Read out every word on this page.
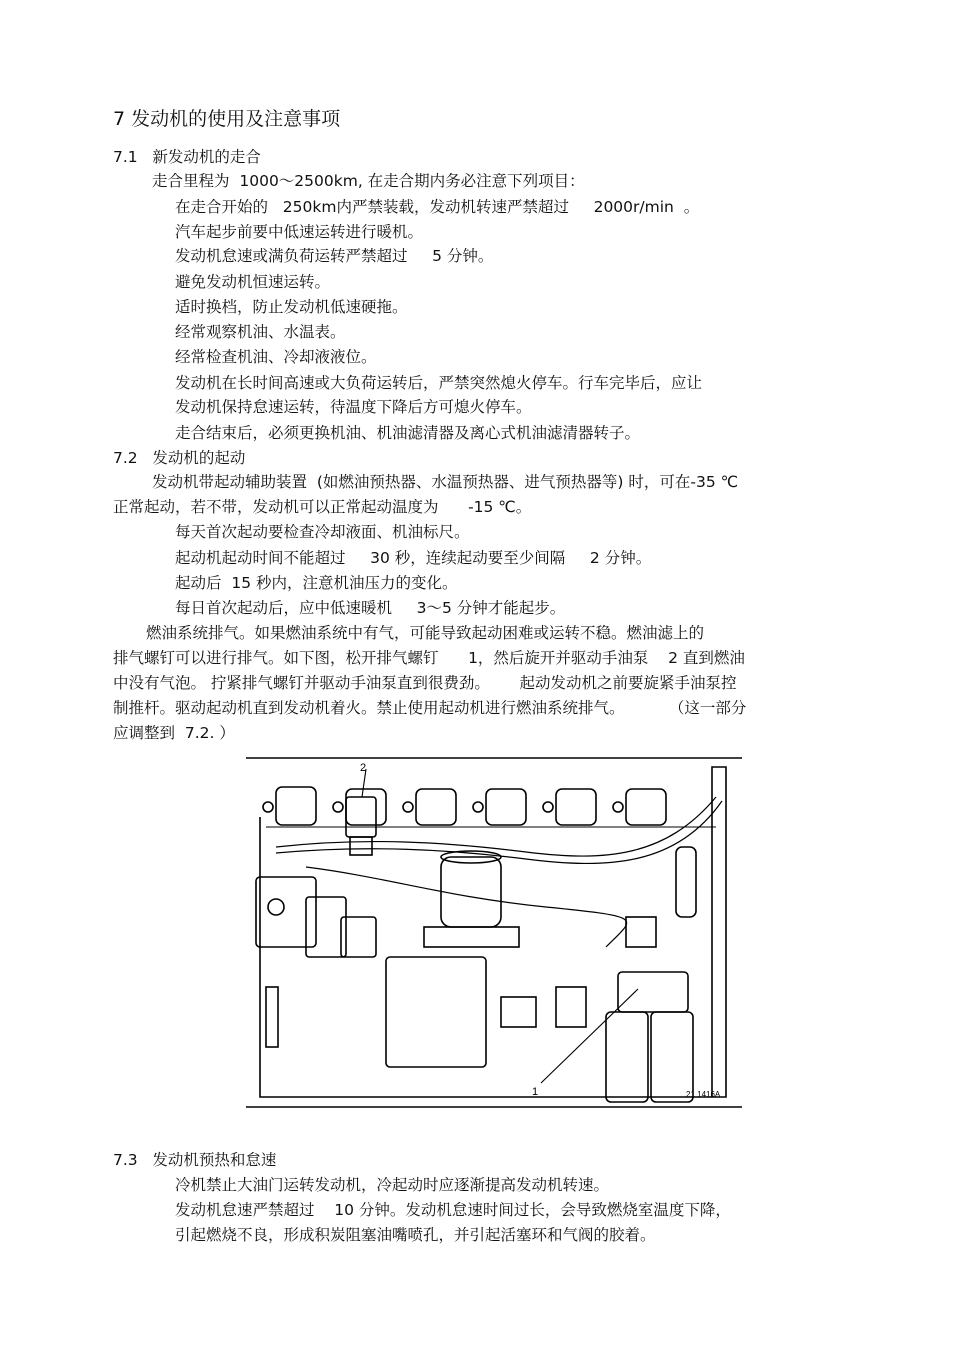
7 发动机的使用及注意事项
7.1   新发动机的走合
走合里程为  1000～2500km, 在走合期内务必注意下列项目：
在走合开始的   250km内严禁装载，发动机转速严禁超过     2000r/min  。
汽车起步前要中低速运转进行暖机。
发动机怠速或满负荷运转严禁超过     5 分钟。
避免发动机恒速运转。
适时换档，防止发动机低速硬拖。
经常观察机油、水温表。
经常检查机油、冷却液液位。
发动机在长时间高速或大负荷运转后，严禁突然熄火停车。行车完毕后，应让
发动机保持怠速运转，待温度下降后方可熄火停车。
走合结束后，必须更换机油、机油滤清器及离心式机油滤清器转子。
7.2   发动机的起动
发动机带起动辅助装置  (如燃油预热器、水温预热器、进气预热器等) 时，可在-35 ℃
正常起动，若不带，发动机可以正常起动温度为      -15 ℃。
每天首次起动要检查冷却液面、机油标尺。
起动机起动时间不能超过     30 秒，连续起动要至少间隔     2 分钟。
起动后  15 秒内，注意机油压力的变化。
每日首次起动后，应中低速暖机     3～5 分钟才能起步。
燃油系统排气。如果燃油系统中有气，可能导致起动困难或运转不稳。燃油滤上的
排气螺钉可以进行排气。如下图，松开排气螺钉      1，然后旋开并驱动手油泵    2 直到燃油
中没有气泡。 拧紧排气螺钉并驱动手油泵直到很费劲。      起动发动机之前要旋紧手油泵控
制推杆。驱动起动机直到发动机着火。禁止使用起动机进行燃油系统排气。         （这一部分
应调整到  7.2. ）
2
1	21 1416A
7.3   发动机预热和怠速
冷机禁止大油门运转发动机，冷起动时应逐渐提高发动机转速。
发动机怠速严禁超过    10 分钟。发动机怠速时间过长，会导致燃烧室温度下降，
引起燃烧不良，形成积炭阻塞油嘴喷孔，并引起活塞环和气阀的胶着。
